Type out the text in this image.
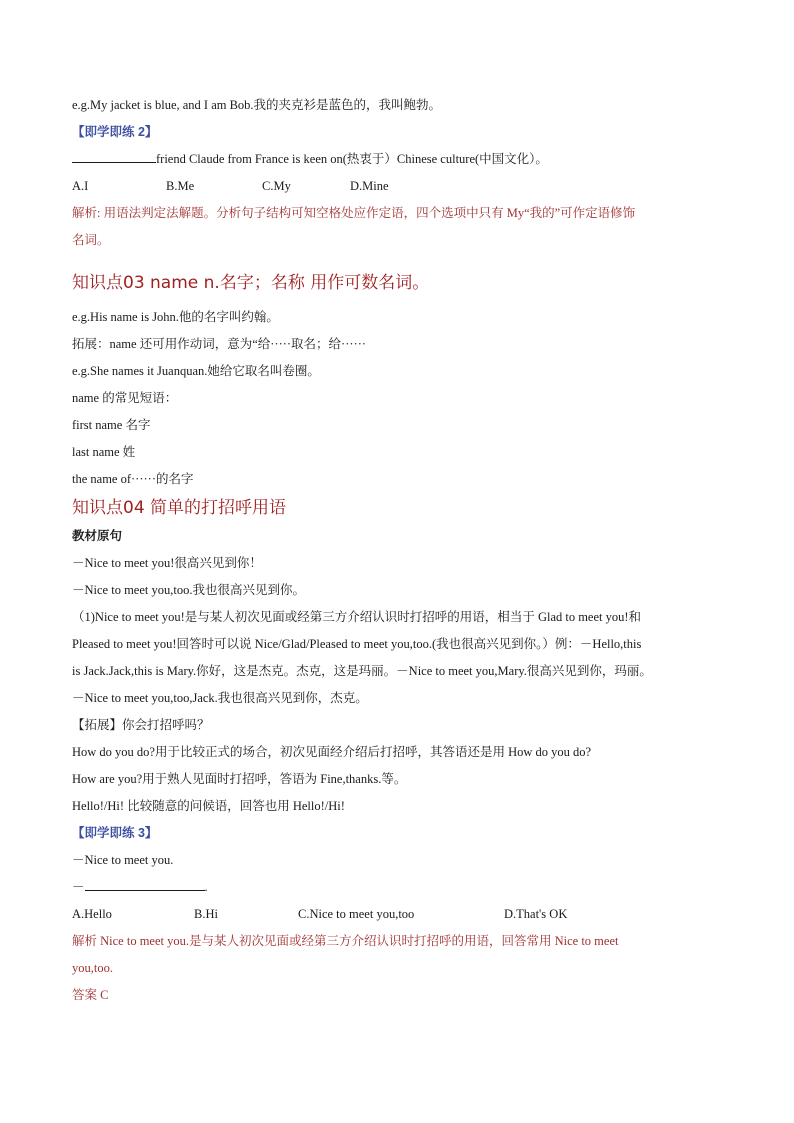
e.g.My jacket is blue, and I am Bob.我的夹克衫是蓝色的，我叫鲍勃。
【即学即练 2】
friend Claude from France is keen on(热衷于）Chinese culture(中国文化）。
A.I	B.Me	C.My	D.Mine
解析: 用语法判定法解题。分析句子结构可知空格处应作定语，四个选项中只有 My“我的”可作定语修饰
名词。
知识点03 name n.名字；名称 用作可数名词。
e.g.His name is John.他的名字叫约翰。
拓展：name 还可用作动词，意为“给·····取名；给······
e.g.She names it Juanquan.她给它取名叫卷圈。
name 的常见短语：
first name 名字
last name 姓
the name of······的名字
知识点04 简单的打招呼用语
教材原句
－Nice to meet you!很高兴见到你！
－Nice to meet you,too.我也很高兴见到你。
（1)Nice to meet you!是与某人初次见面或经第三方介绍认识时打招呼的用语，相当于 Glad to meet you!和
Pleased to meet you!回答时可以说 Nice/Glad/Pleased to meet you,too.(我也很高兴见到你。）例：－Hello,this
is Jack.Jack,this is Mary.你好，这是杰克。杰克，这是玛丽。－Nice to meet you,Mary.很高兴见到你，玛丽。
－Nice to meet you,too,Jack.我也很高兴见到你，杰克。
【拓展】你会打招呼吗？
How do you do?用于比较正式的场合，初次见面经介绍后打招呼，其答语还是用 How do you do?
How are you?用于熟人见面时打招呼，答语为 Fine,thanks.等。
Hello!/Hi! 比较随意的问候语，回答也用 Hello!/Hi!
【即学即练 3】
－Nice to meet you.
－	.
A.Hello	B.Hi	C.Nice to meet you,too	D.That's OK
解析 Nice to meet you.是与某人初次见面或经第三方介绍认识时打招呼的用语，回答常用 Nice to meet
you,too.
答案 C
